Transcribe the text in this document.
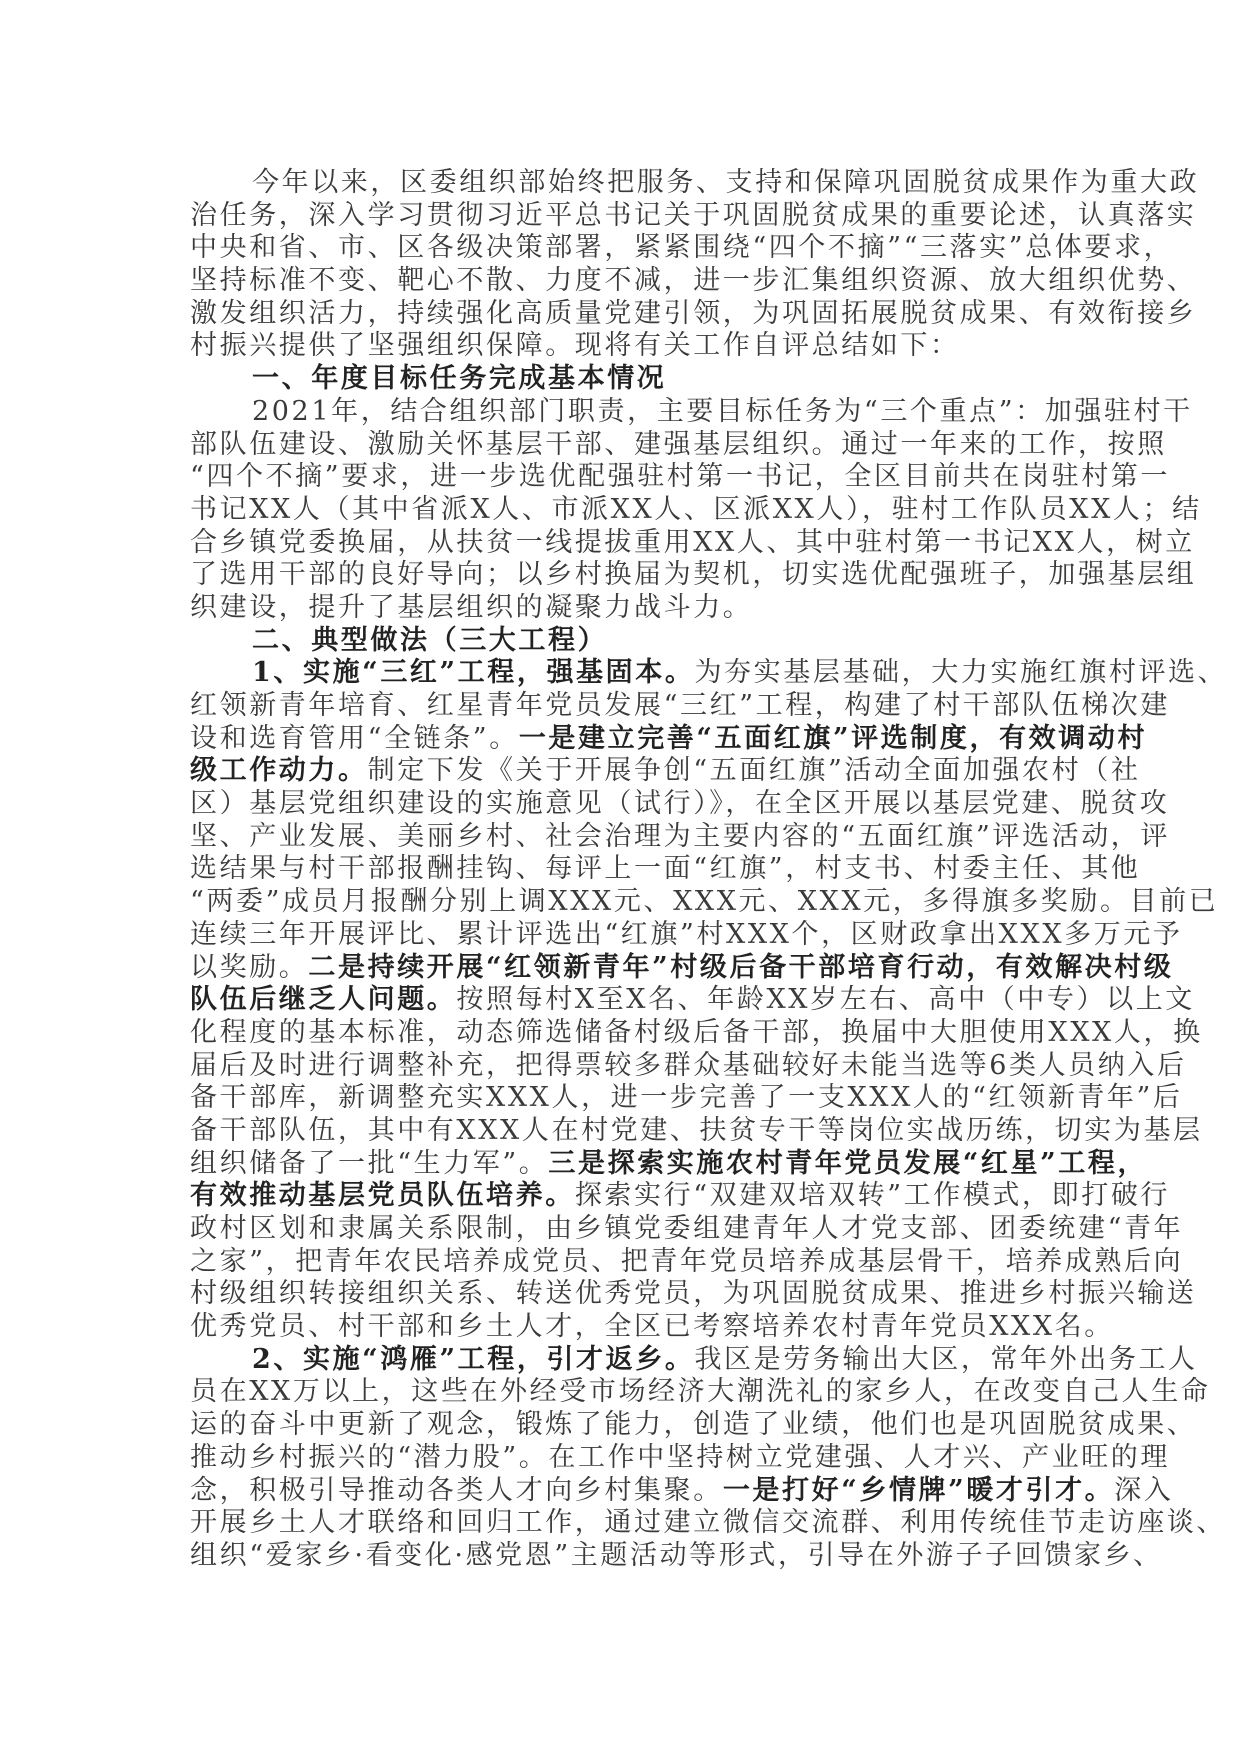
今年以来，区委组织部始终把服务、支持和保障巩固脱贫成果作为重大政
治任务，深入学习贯彻习近平总书记关于巩固脱贫成果的重要论述，认真落实
中央和省、市、区各级决策部署，紧紧围绕“四个不摘”“三落实”总体要求，
坚持标准不变、靶心不散、力度不减，进一步汇集组织资源、放大组织优势、
激发组织活力，持续强化高质量党建引领，为巩固拓展脱贫成果、有效衔接乡
村振兴提供了坚强组织保障。现将有关工作自评总结如下：
一、年度目标任务完成基本情况
2021年，结合组织部门职责，主要目标任务为“三个重点”：加强驻村干
部队伍建设、激励关怀基层干部、建强基层组织。通过一年来的工作，按照
“四个不摘”要求，进一步选优配强驻村第一书记，全区目前共在岗驻村第一
书记XX人（其中省派X人、市派XX人、区派XX人），驻村工作队员XX人；结
合乡镇党委换届，从扶贫一线提拔重用XX人、其中驻村第一书记XX人，树立
了选用干部的良好导向；以乡村换届为契机，切实选优配强班子，加强基层组
织建设，提升了基层组织的凝聚力战斗力。
二、典型做法（三大工程）
1、实施“三红”工程，强基固本。为夯实基层基础，大力实施红旗村评选、
红领新青年培育、红星青年党员发展“三红”工程，构建了村干部队伍梯次建
设和选育管用“全链条”。一是建立完善“五面红旗”评选制度，有效调动村
级工作动力。制定下发《关于开展争创“五面红旗”活动全面加强农村（社
区）基层党组织建设的实施意见（试行）》，在全区开展以基层党建、脱贫攻
坚、产业发展、美丽乡村、社会治理为主要内容的“五面红旗”评选活动，评
选结果与村干部报酬挂钩、每评上一面“红旗”，村支书、村委主任、其他
“两委”成员月报酬分别上调XXX元、XXX元、XXX元，多得旗多奖励。目前已
连续三年开展评比、累计评选出“红旗”村XXX个，区财政拿出XXX多万元予
以奖励。二是持续开展“红领新青年”村级后备干部培育行动，有效解决村级
队伍后继乏人问题。按照每村X至X名、年龄XX岁左右、高中（中专）以上文
化程度的基本标准，动态筛选储备村级后备干部，换届中大胆使用XXX人，换
届后及时进行调整补充，把得票较多群众基础较好未能当选等6类人员纳入后
备干部库，新调整充实XXX人，进一步完善了一支XXX人的“红领新青年”后
备干部队伍，其中有XXX人在村党建、扶贫专干等岗位实战历练，切实为基层
组织储备了一批“生力军”。三是探索实施农村青年党员发展“红星”工程，
有效推动基层党员队伍培养。探索实行“双建双培双转”工作模式，即打破行
政村区划和隶属关系限制，由乡镇党委组建青年人才党支部、团委统建“青年
之家”，把青年农民培养成党员、把青年党员培养成基层骨干，培养成熟后向
村级组织转接组织关系、转送优秀党员，为巩固脱贫成果、推进乡村振兴输送
优秀党员、村干部和乡土人才，全区已考察培养农村青年党员XXX名。
2、实施“鸿雁”工程，引才返乡。我区是劳务输出大区，常年外出务工人
员在XX万以上，这些在外经受市场经济大潮洗礼的家乡人，在改变自己人生命
运的奋斗中更新了观念，锻炼了能力，创造了业绩，他们也是巩固脱贫成果、
推动乡村振兴的“潜力股”。在工作中坚持树立党建强、人才兴、产业旺的理
念，积极引导推动各类人才向乡村集聚。一是打好“乡情牌”暖才引才。深入
开展乡土人才联络和回归工作，通过建立微信交流群、利用传统佳节走访座谈、
组织“爱家乡·看变化·感党恩”主题活动等形式，引导在外游子子回馈家乡、
